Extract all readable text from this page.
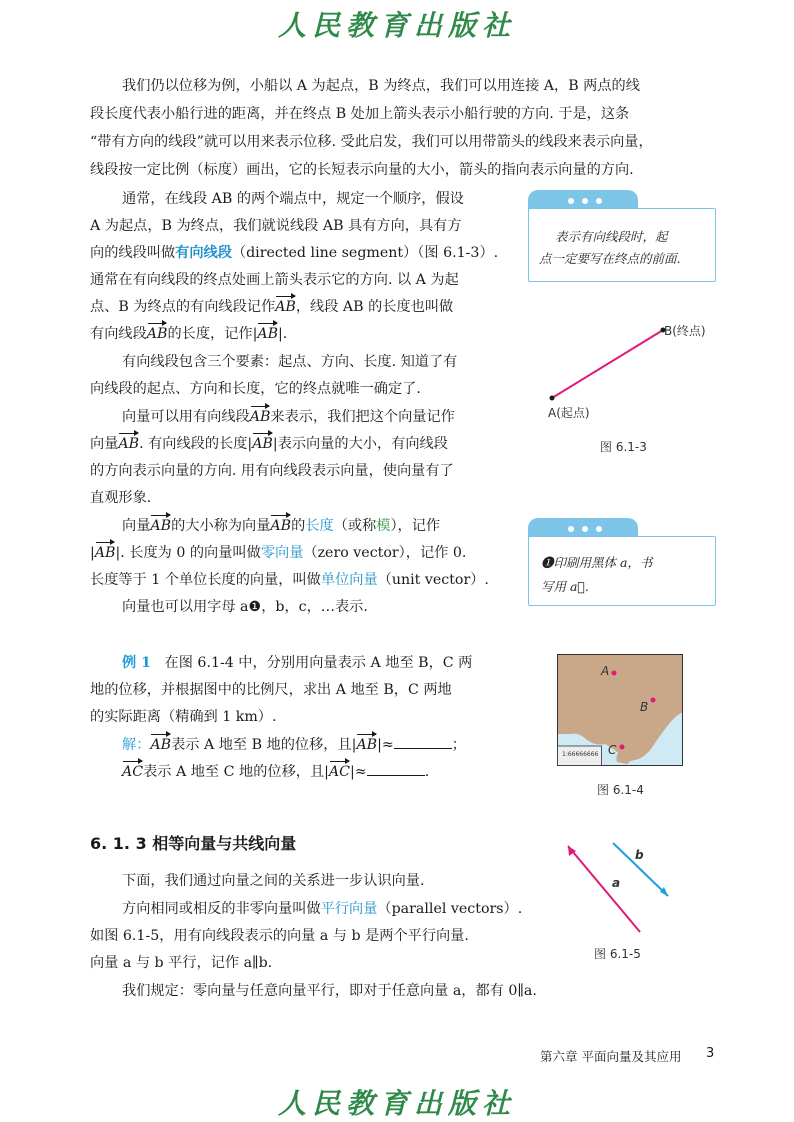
人民教育出版社
我们仍以位移为例，小船以 A 为起点，B 为终点，我们可以用连接 A，B 两点的线
段长度代表小船行进的距离，并在终点 B 处加上箭头表示小船行驶的方向. 于是，这条
“带有方向的线段”就可以用来表示位移. 受此启发，我们可以用带箭头的线段来表示向量，
线段按一定比例（标度）画出，它的长短表示向量的大小，箭头的指向表示向量的方向.
通常，在线段 AB 的两个端点中，规定一个顺序，假设
A 为起点，B 为终点，我们就说线段 AB 具有方向，具有方
向的线段叫做有向线段（directed line segment）（图 6.1-3）.
通常在有向线段的终点处画上箭头表示它的方向. 以 A 为起
点、B 为终点的有向线段记作AB，线段 AB 的长度也叫做
有向线段AB的长度，记作|AB|.
有向线段包含三个要素：起点、方向、长度. 知道了有
向线段的起点、方向和长度，它的终点就唯一确定了.
向量可以用有向线段AB来表示，我们把这个向量记作
向量AB. 有向线段的长度|AB|表示向量的大小，有向线段
的方向表示向量的方向. 用有向线段表示向量，使向量有了
直观形象.
向量AB的大小称为向量AB的长度（或称模），记作
|AB|. 长度为 0 的向量叫做零向量（zero vector），记作 0.
长度等于 1 个单位长度的向量，叫做单位向量（unit vector）.
向量也可以用字母 a❶，b，c，…表示.
例 1 在图 6.1-4 中，分别用向量表示 A 地至 B，C 两
地的位移，并根据图中的比例尺，求出 A 地至 B，C 两地
的实际距离（精确到 1 km）.
解：AB表示 A 地至 B 地的位移，且|AB|≈	；
AC表示 A 地至 C 地的位移，且|AC|≈	.
6. 1. 3 相等向量与共线向量
下面，我们通过向量之间的关系进一步认识向量.
方向相同或相反的非零向量叫做平行向量（parallel vectors）.
如图 6.1-5，用有向线段表示的向量 a 与 b 是两个平行向量.
向量 a 与 b 平行，记作 a∥b.
我们规定：零向量与任意向量平行，即对于任意向量 a，都有 0∥a.
表示有向线段时，起
点一定要写在终点的前面.
B(终点)
A(起点)
图 6.1-3
❶印刷用黑体 a，书
写用 a⃗.
A
B
C
1:66666666
图 6.1-4
a
b
图 6.1-5
第六章 平面向量及其应用 3
人民教育出版社
